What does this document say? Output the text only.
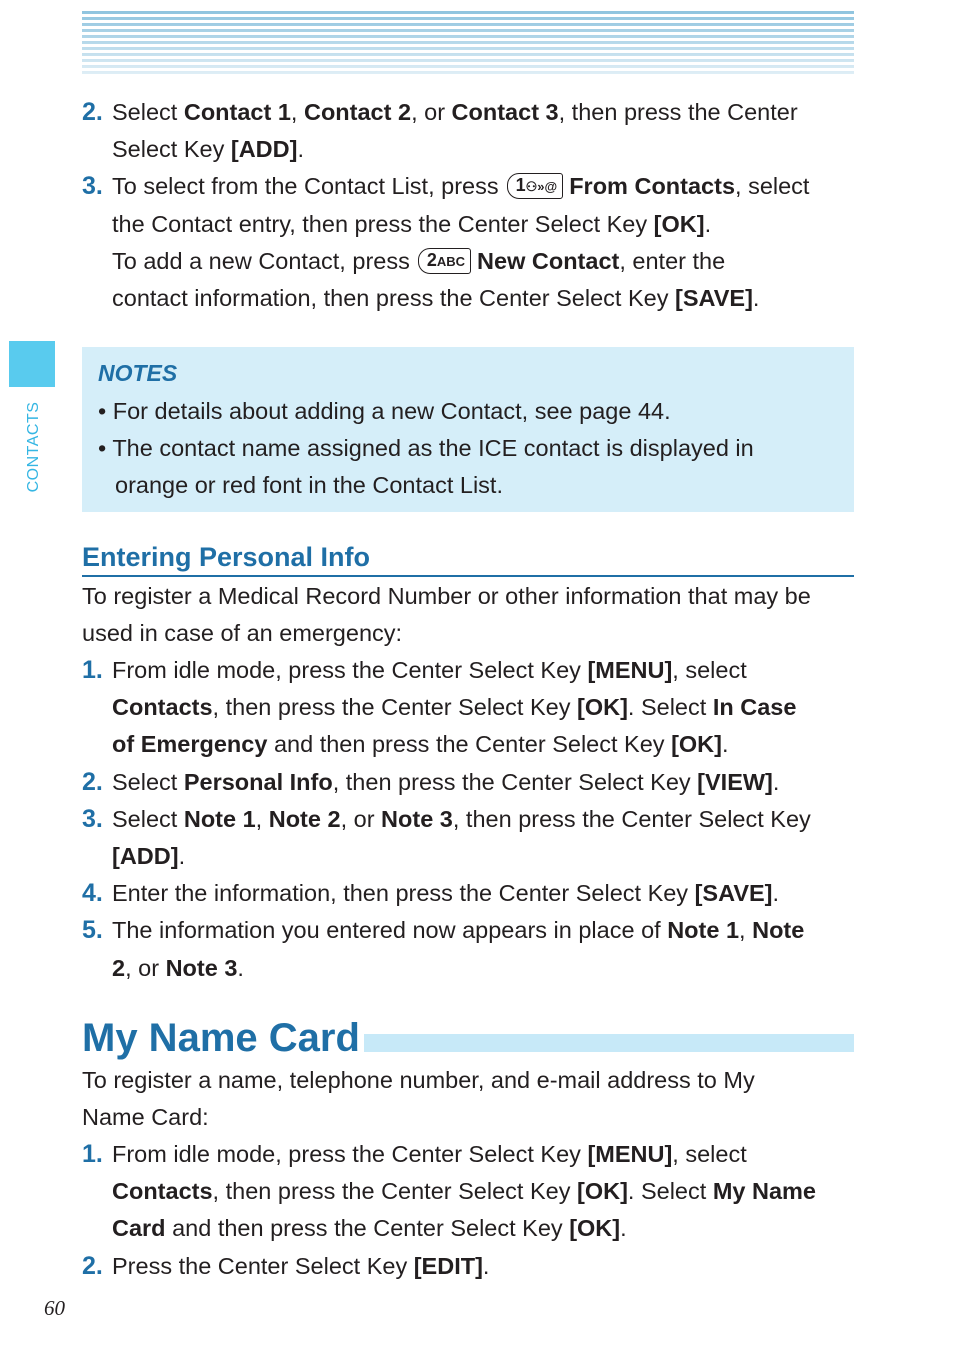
CONTACTS
2. Select Contact 1, Contact 2, or Contact 3, then press the Center
Select Key [ADD].
3. To select from the Contact List, press 1⚇»@ From Contacts, select
the Contact entry, then press the Center Select Key [OK].
To add a new Contact, press 2ABC New Contact, enter the
contact information, then press the Center Select Key [SAVE].
NOTES
• For details about adding a new Contact, see page 44.
• The contact name assigned as the ICE contact is displayed in
orange or red font in the Contact List.
Entering Personal Info
To register a Medical Record Number or other information that may be
used in case of an emergency:
1. From idle mode, press the Center Select Key [MENU], select
Contacts, then press the Center Select Key [OK]. Select In Case
of Emergency and then press the Center Select Key [OK].
2. Select Personal Info, then press the Center Select Key [VIEW].
3. Select Note 1, Note 2, or Note 3, then press the Center Select Key
[ADD].
4. Enter the information, then press the Center Select Key [SAVE].
5. The information you entered now appears in place of Note 1, Note
2, or Note 3.
My Name Card
To register a name, telephone number, and e-mail address to My
Name Card:
1. From idle mode, press the Center Select Key [MENU], select
Contacts, then press the Center Select Key [OK]. Select My Name
Card and then press the Center Select Key [OK].
2. Press the Center Select Key [EDIT].
60
